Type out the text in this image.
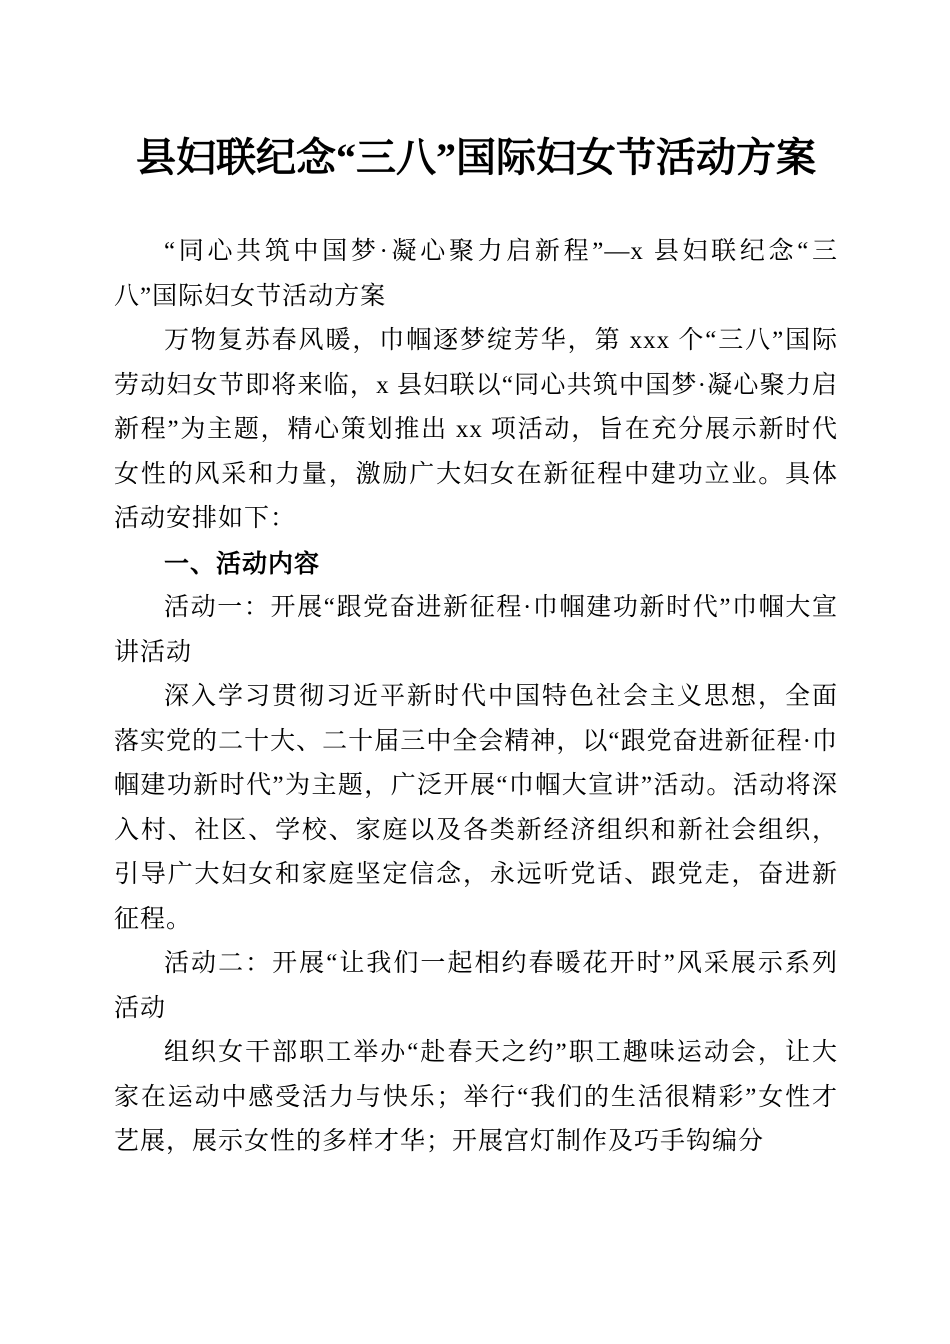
县妇联纪念“三八”国际妇女节活动方案

“同心共筑中国梦·凝心聚力启新程”—x 县妇联纪念“三八”国际妇女节活动方案

万物复苏春风暖，巾帼逐梦绽芳华，第 xxx 个“三八”国际劳动妇女节即将来临，x 县妇联以“同心共筑中国梦·凝心聚力启新程”为主题，精心策划推出 xx 项活动，旨在充分展示新时代女性的风采和力量，激励广大妇女在新征程中建功立业。具体活动安排如下：

一、活动内容

活动一：开展“跟党奋进新征程·巾帼建功新时代”巾帼大宣讲活动

深入学习贯彻习近平新时代中国特色社会主义思想，全面落实党的二十大、二十届三中全会精神，以“跟党奋进新征程·巾帼建功新时代”为主题，广泛开展“巾帼大宣讲”活动。活动将深入村、社区、学校、家庭以及各类新经济组织和新社会组织，引导广大妇女和家庭坚定信念，永远听党话、跟党走，奋进新征程。

活动二：开展“让我们一起相约春暖花开时”风采展示系列活动

组织女干部职工举办“赴春天之约”职工趣味运动会，让大家在运动中感受活力与快乐；举行“我们的生活很精彩”女性才艺展，展示女性的多样才华；开展宫灯制作及巧手钩编分
